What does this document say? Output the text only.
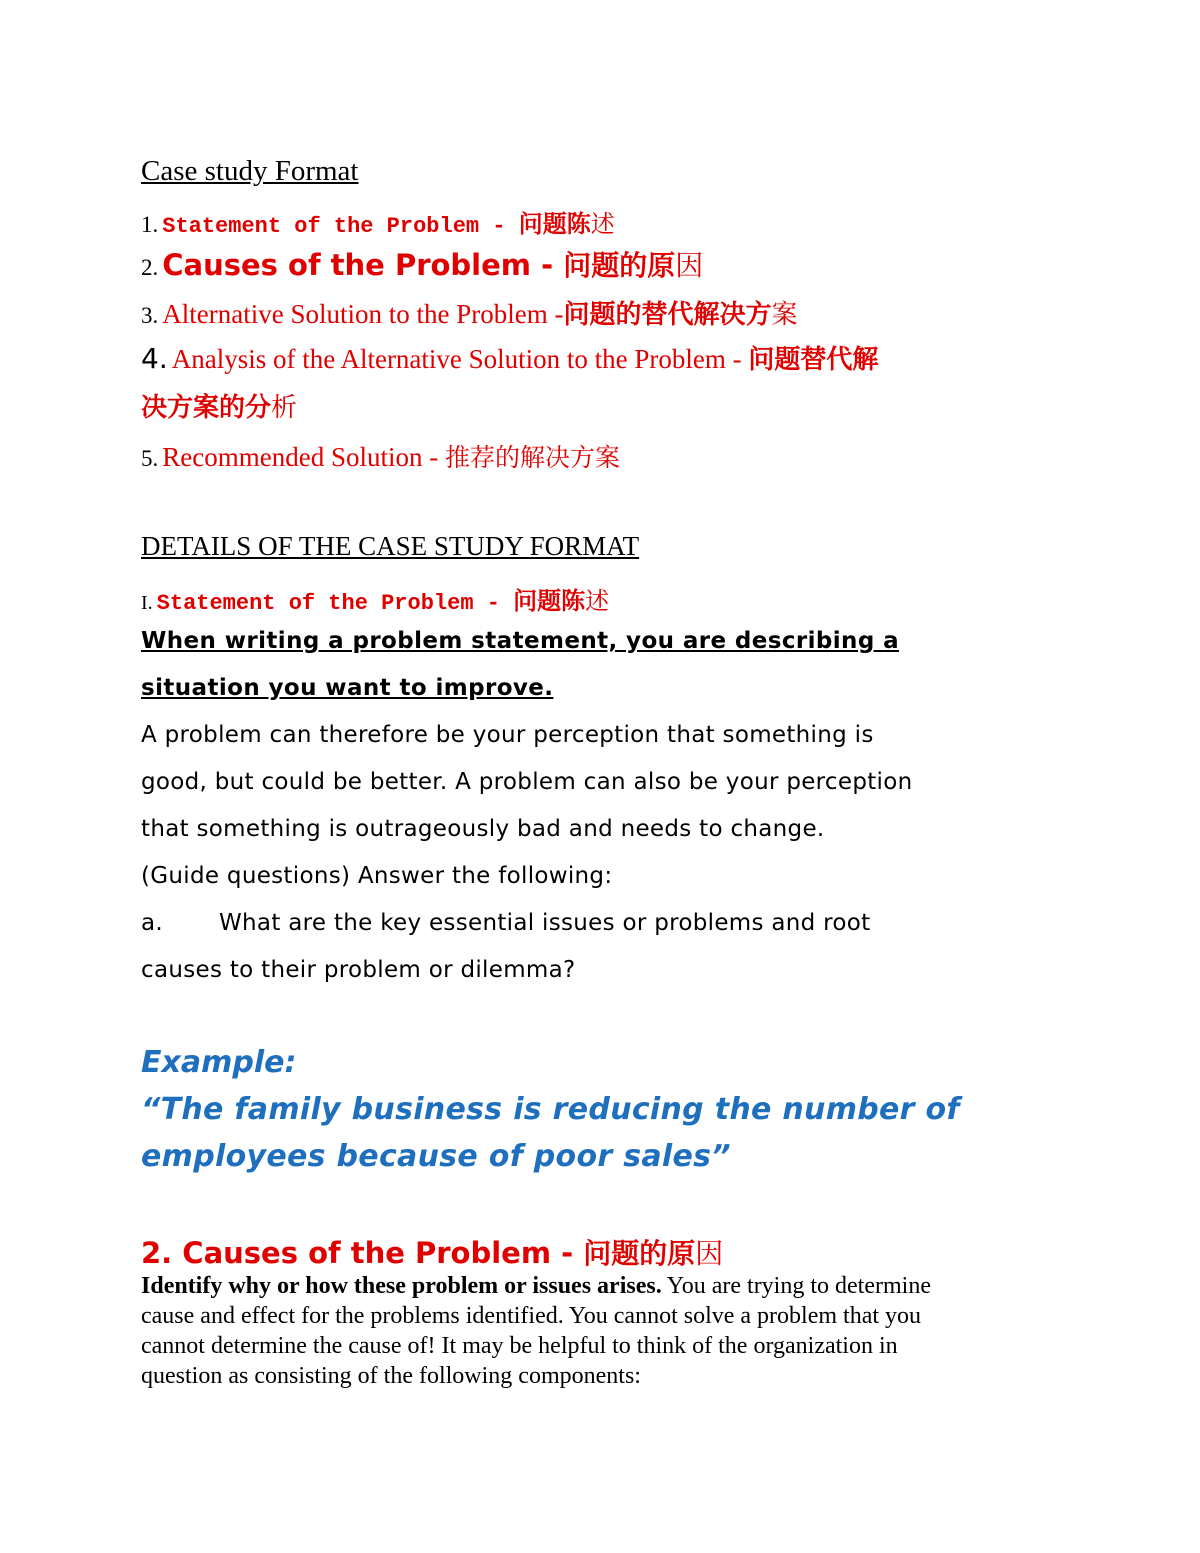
Case study Format
1. Statement of the Problem - 问题陈述
2. Causes of the Problem - 问题的原因
3. Alternative Solution to the Problem -问题的替代解决方案
4. Analysis of the Alternative Solution to the Problem - 问题替代解
决方案的分析
5. Recommended Solution - 推荐的解决方案
DETAILS OF THE CASE STUDY FORMAT
I. Statement of the Problem - 问题陈述
When writing a problem statement, you are describing a
situation you want to improve.
A problem can therefore be your perception that something is
good, but could be better. A problem can also be your perception
that something is outrageously bad and needs to change.
(Guide questions) Answer the following:
a. What are the key essential issues or problems and root
causes to their problem or dilemma?
Example:
“The family business is reducing the number of
employees because of poor sales”
2. Causes of the Problem - 问题的原因
Identify why or how these problem or issues arises. You are trying to determine
cause and effect for the problems identified. You cannot solve a problem that you
cannot determine the cause of! It may be helpful to think of the organization in
question as consisting of the following components:
